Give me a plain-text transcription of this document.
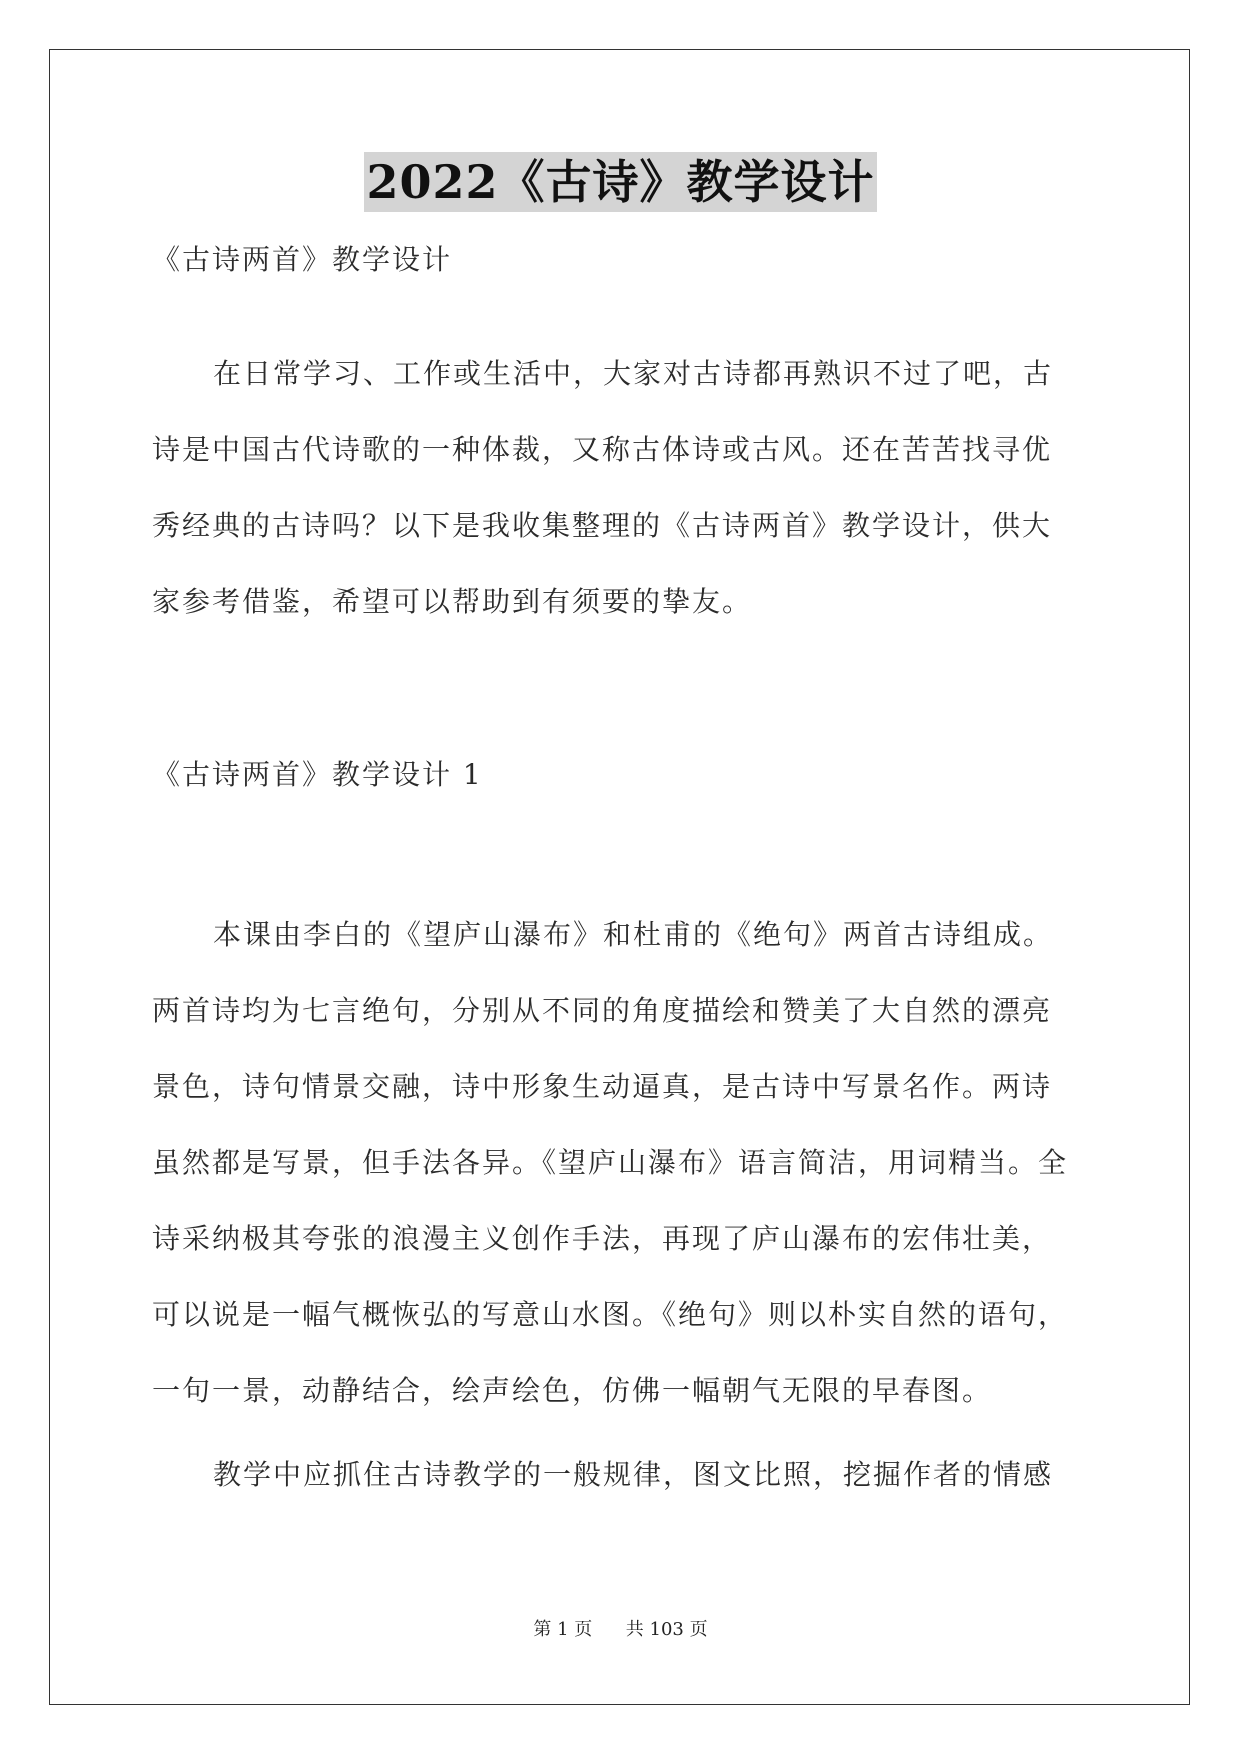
2022《古诗》教学设计
《古诗两首》教学设计
在日常学习、工作或生活中，大家对古诗都再熟识不过了吧，古
诗是中国古代诗歌的一种体裁，又称古体诗或古风。还在苦苦找寻优
秀经典的古诗吗？以下是我收集整理的《古诗两首》教学设计，供大
家参考借鉴，希望可以帮助到有须要的挚友。
《古诗两首》教学设计 1
本课由李白的《望庐山瀑布》和杜甫的《绝句》两首古诗组成。
两首诗均为七言绝句，分别从不同的角度描绘和赞美了大自然的漂亮
景色，诗句情景交融，诗中形象生动逼真，是古诗中写景名作。两诗
虽然都是写景，但手法各异。《望庐山瀑布》语言简洁，用词精当。全
诗采纳极其夸张的浪漫主义创作手法，再现了庐山瀑布的宏伟壮美，
可以说是一幅气概恢弘的写意山水图。《绝句》则以朴实自然的语句，
一句一景，动静结合，绘声绘色，仿佛一幅朝气无限的早春图。
教学中应抓住古诗教学的一般规律，图文比照，挖掘作者的情感
第 1 页 共 103 页
